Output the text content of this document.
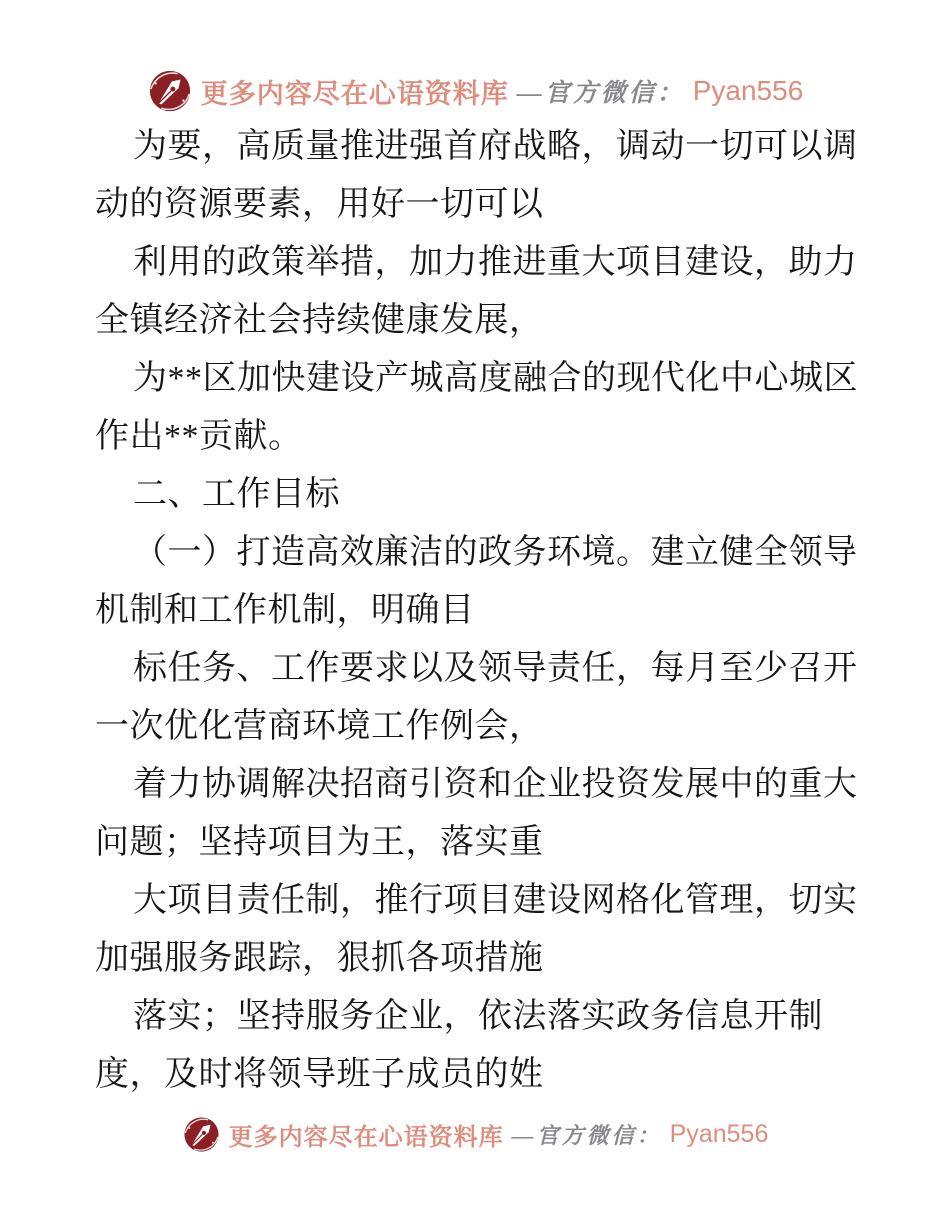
更多内容尽在心语资料库 —官方微信： Pyan556
为要，高质量推进强首府战略，调动一切可以调
动的资源要素，用好一切可以
利用的政策举措，加力推进重大项目建设，助力
全镇经济社会持续健康发展，
为**区加快建设产城高度融合的现代化中心城区
作出**贡献。
二、工作目标
（一）打造高效廉洁的政务环境。建立健全领导
机制和工作机制，明确目
标任务、工作要求以及领导责任，每月至少召开
一次优化营商环境工作例会，
着力协调解决招商引资和企业投资发展中的重大
问题；坚持项目为王，落实重
大项目责任制，推行项目建设网格化管理，切实
加强服务跟踪，狠抓各项措施
落实；坚持服务企业，依法落实政务信息开制
度，及时将领导班子成员的姓
更多内容尽在心语资料库 —官方微信： Pyan556
